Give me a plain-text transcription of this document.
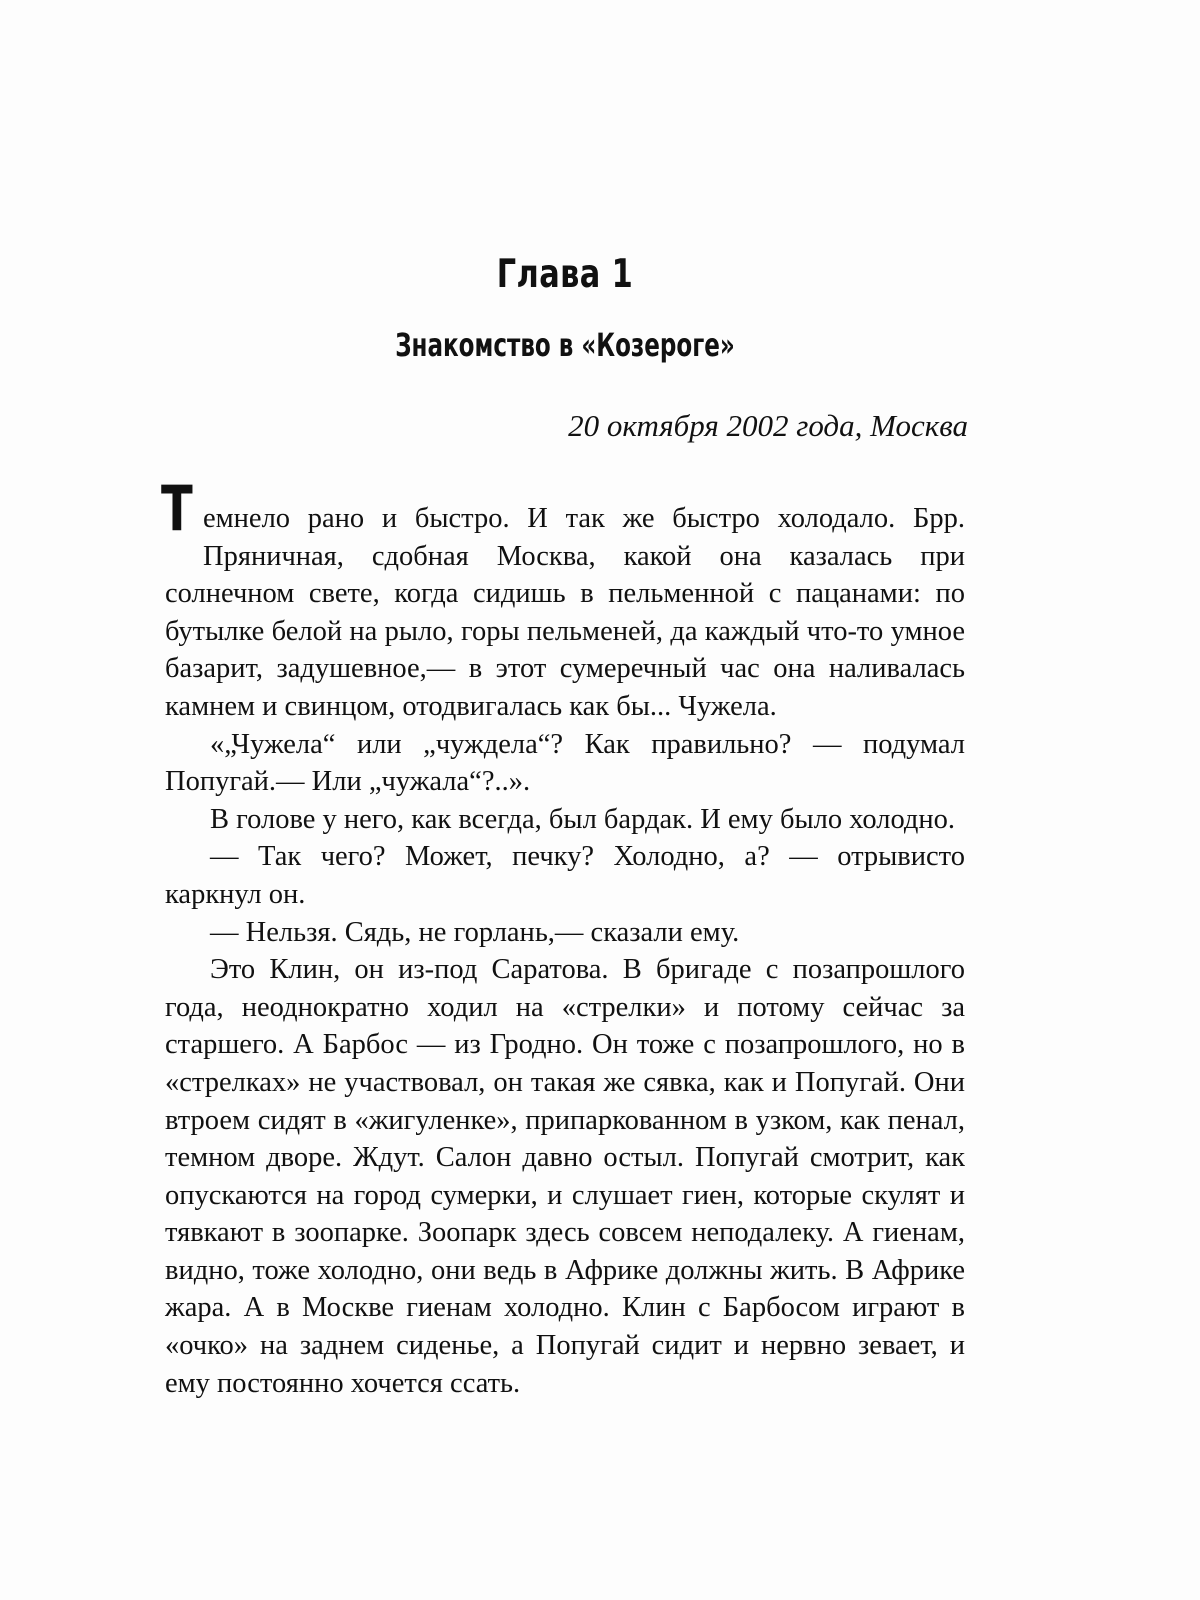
Глава 1
Знакомство в «Козероге»
20 октября 2002 года, Москва

Темнело рано и быстро. И так же быстро холодало. Брр. Пряничная, сдобная Москва, какой она казалась при солнечном свете, когда сидишь в пельменной с пацанами: по бутылке белой на рыло, горы пельменей, да каждый что-то умное базарит, задушевное,— в этот сумеречный час она наливалась камнем и свинцом, отодвигалась как бы... Чужела.

«„Чужела“ или „чуждела“? Как правильно? — подумал Попугай.— Или „чужала“?..».

В голове у него, как всегда, был бардак. И ему было холодно.

— Так чего? Может, печку? Холодно, а? — отрывисто каркнул он.

— Нельзя. Сядь, не горлань,— сказали ему.

Это Клин, он из-под Саратова. В бригаде с позапрошлого года, неоднократно ходил на «стрелки» и потому сейчас за старшего. А Барбос — из Гродно. Он тоже с позапрошлого, но в «стрелках» не участвовал, он такая же сявка, как и Попугай. Они втроем сидят в «жигуленке», припаркованном в узком, как пенал, темном дворе. Ждут. Салон давно остыл. Попугай смотрит, как опускаются на город сумерки, и слушает гиен, которые скулят и тявкают в зоопарке. Зоопарк здесь совсем неподалеку. А гиенам, видно, тоже холодно, они ведь в Африке должны жить. В Африке жара. А в Москве гиенам холодно. Клин с Барбосом играют в «очко» на заднем сиденье, а Попугай сидит и нервно зевает, и ему постоянно хочется ссать.
